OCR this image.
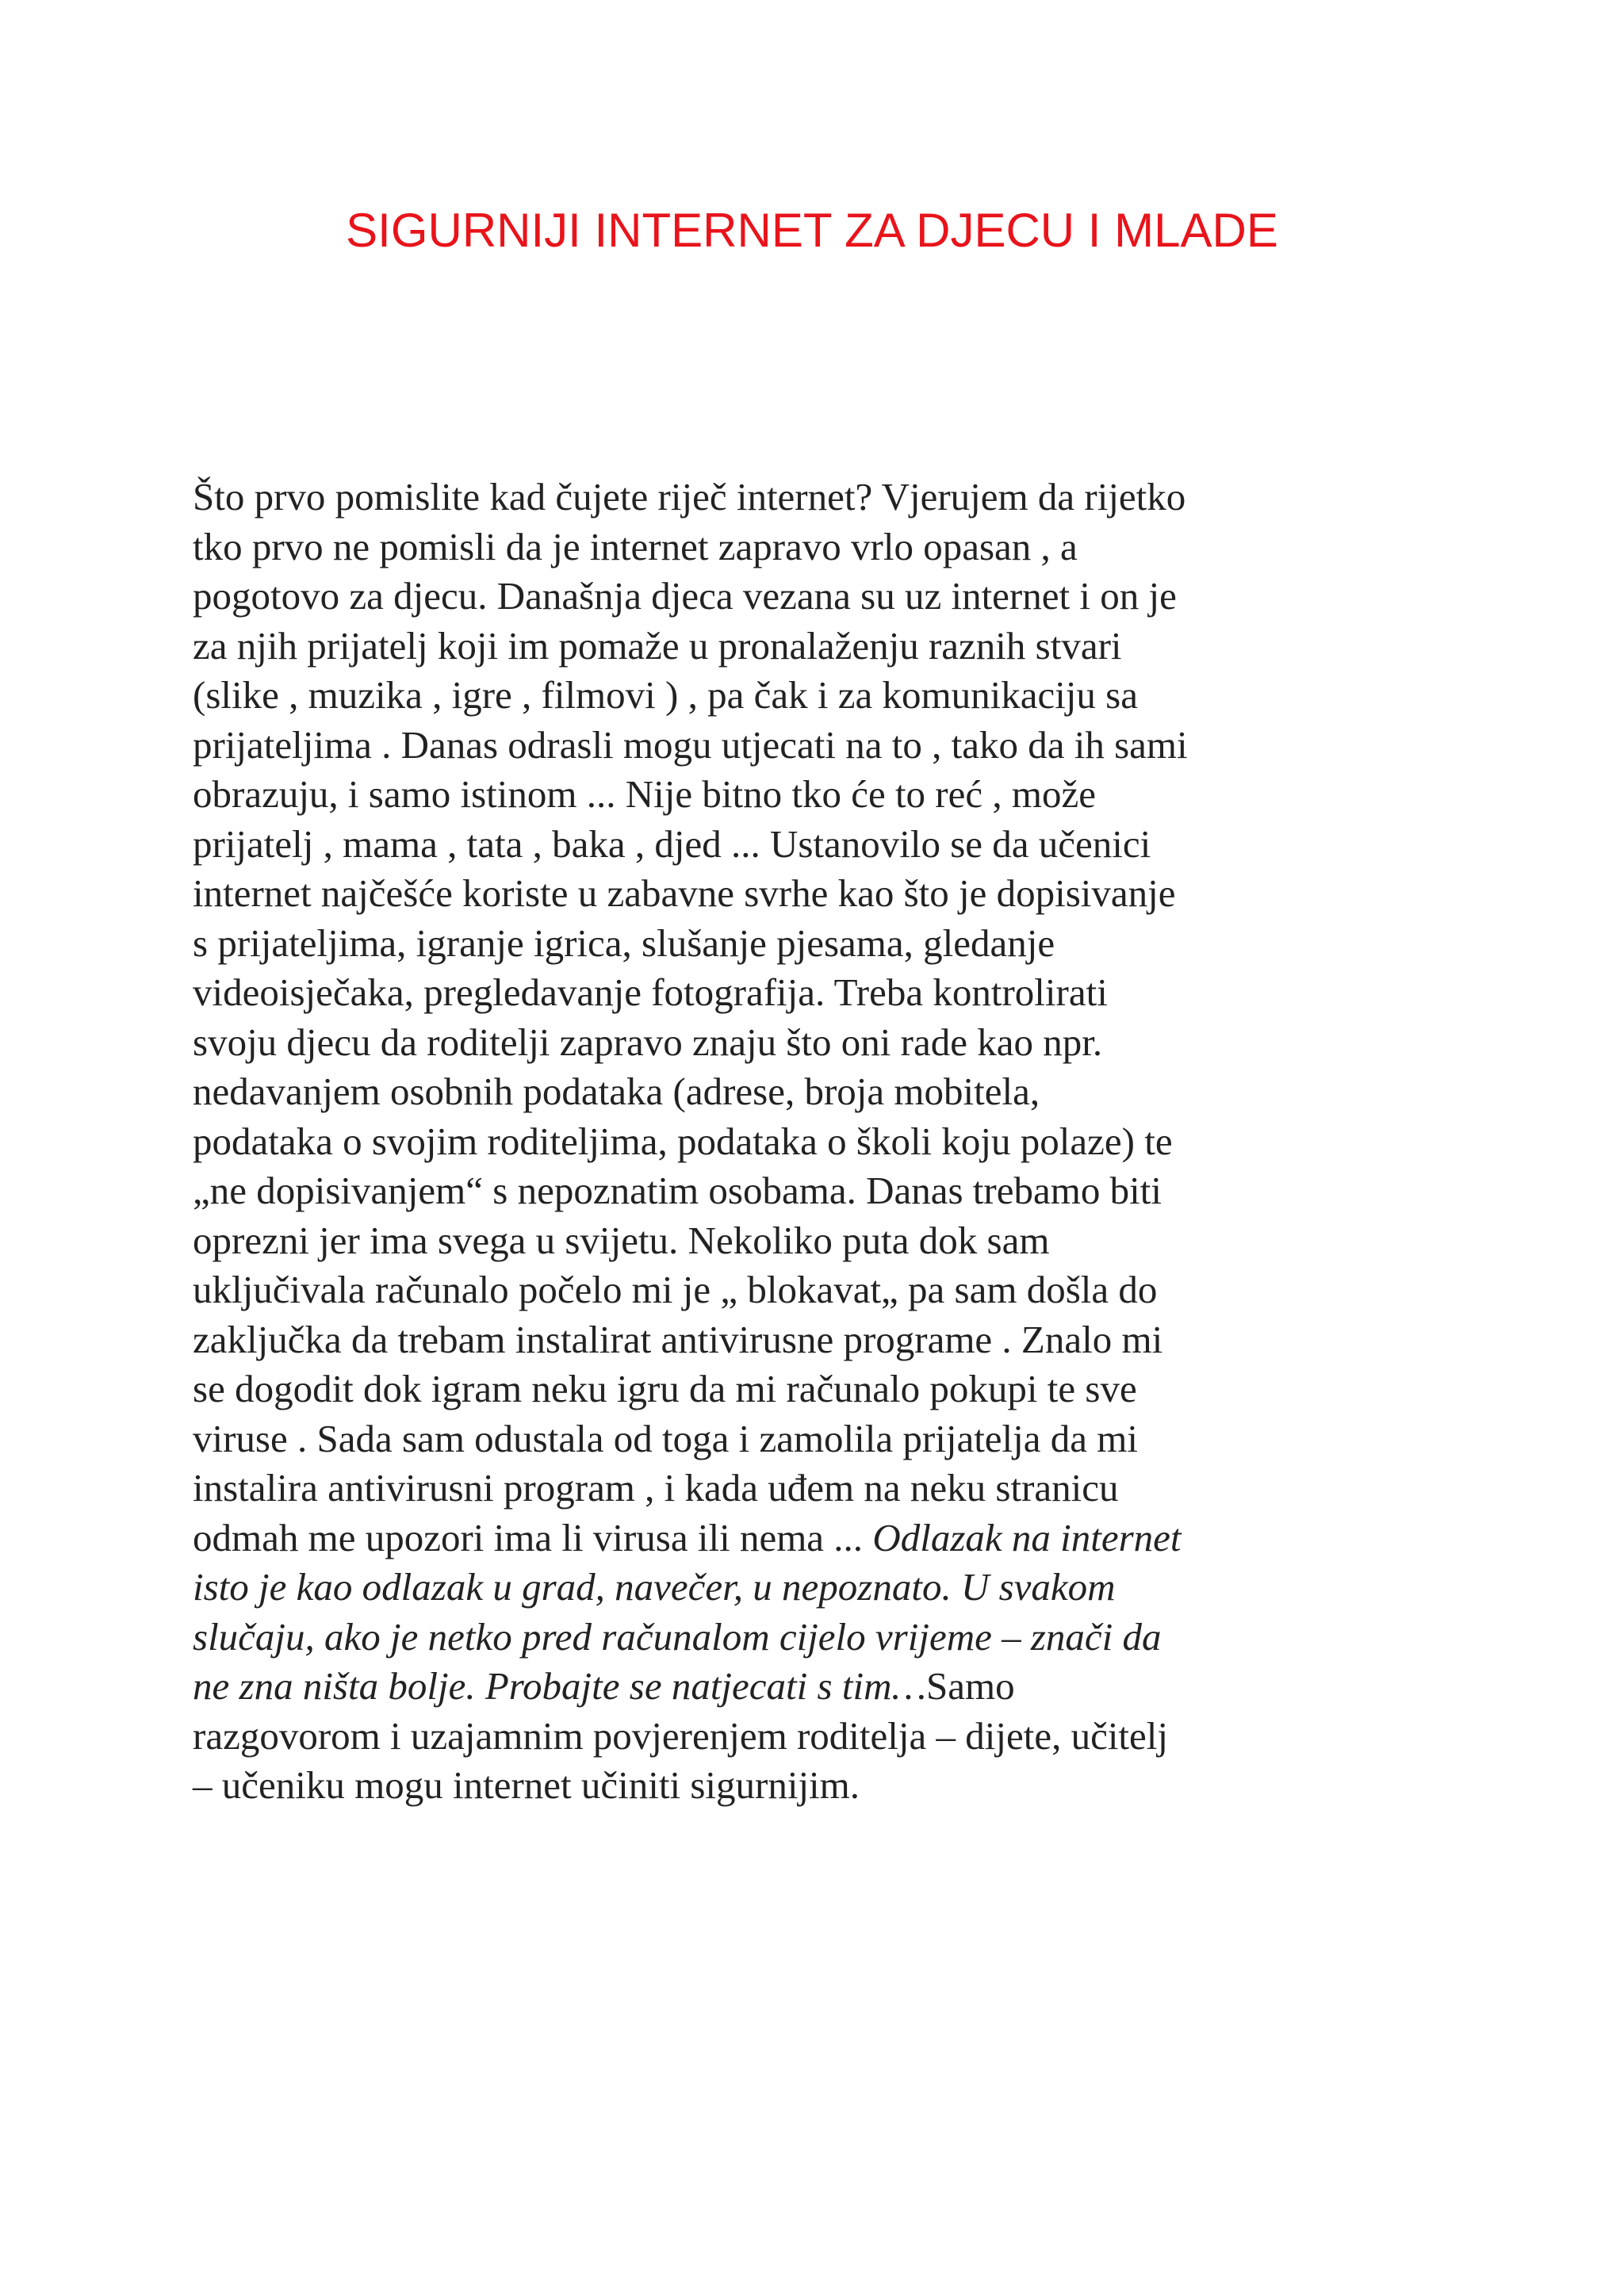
SIGURNIJI INTERNET ZA DJECU I MLADE
Što prvo pomislite kad čujete riječ internet? Vjerujem da rijetko
tko prvo ne pomisli da je internet zapravo vrlo opasan , a
pogotovo za djecu. Današnja djeca vezana su uz internet i on je
za njih prijatelj koji im pomaže u pronalaženju raznih stvari
(slike , muzika , igre , filmovi ) , pa čak i za komunikaciju sa
prijateljima . Danas odrasli mogu utjecati na to , tako da ih sami
obrazuju, i samo istinom ... Nije bitno tko će to reć , može
prijatelj , mama , tata , baka , djed ... Ustanovilo se da učenici
internet najčešće koriste u zabavne svrhe kao što je dopisivanje
s prijateljima, igranje igrica, slušanje pjesama, gledanje
videoisječaka, pregledavanje fotografija. Treba kontrolirati
svoju djecu da roditelji zapravo znaju što oni rade kao npr.
nedavanjem osobnih podataka (adrese, broja mobitela,
podataka o svojim roditeljima, podataka o školi koju polaze) te
„ne dopisivanjem“ s nepoznatim osobama. Danas trebamo biti
oprezni jer ima svega u svijetu. Nekoliko puta dok sam
uključivala računalo počelo mi je „ blokavat„ pa sam došla do
zaključka da trebam instalirat antivirusne programe . Znalo mi
se dogodit dok igram neku igru da mi računalo pokupi te sve
viruse . Sada sam odustala od toga i zamolila prijatelja da mi
instalira antivirusni program , i kada uđem na neku stranicu
odmah me upozori ima li virusa ili nema ... Odlazak na internet
isto je kao odlazak u grad, navečer, u nepoznato. U svakom
slučaju, ako je netko pred računalom cijelo vrijeme – znači da
ne zna ništa bolje. Probajte se natjecati s tim…Samo
razgovorom i uzajamnim povjerenjem roditelja – dijete, učitelj
– učeniku mogu internet učiniti sigurnijim.
